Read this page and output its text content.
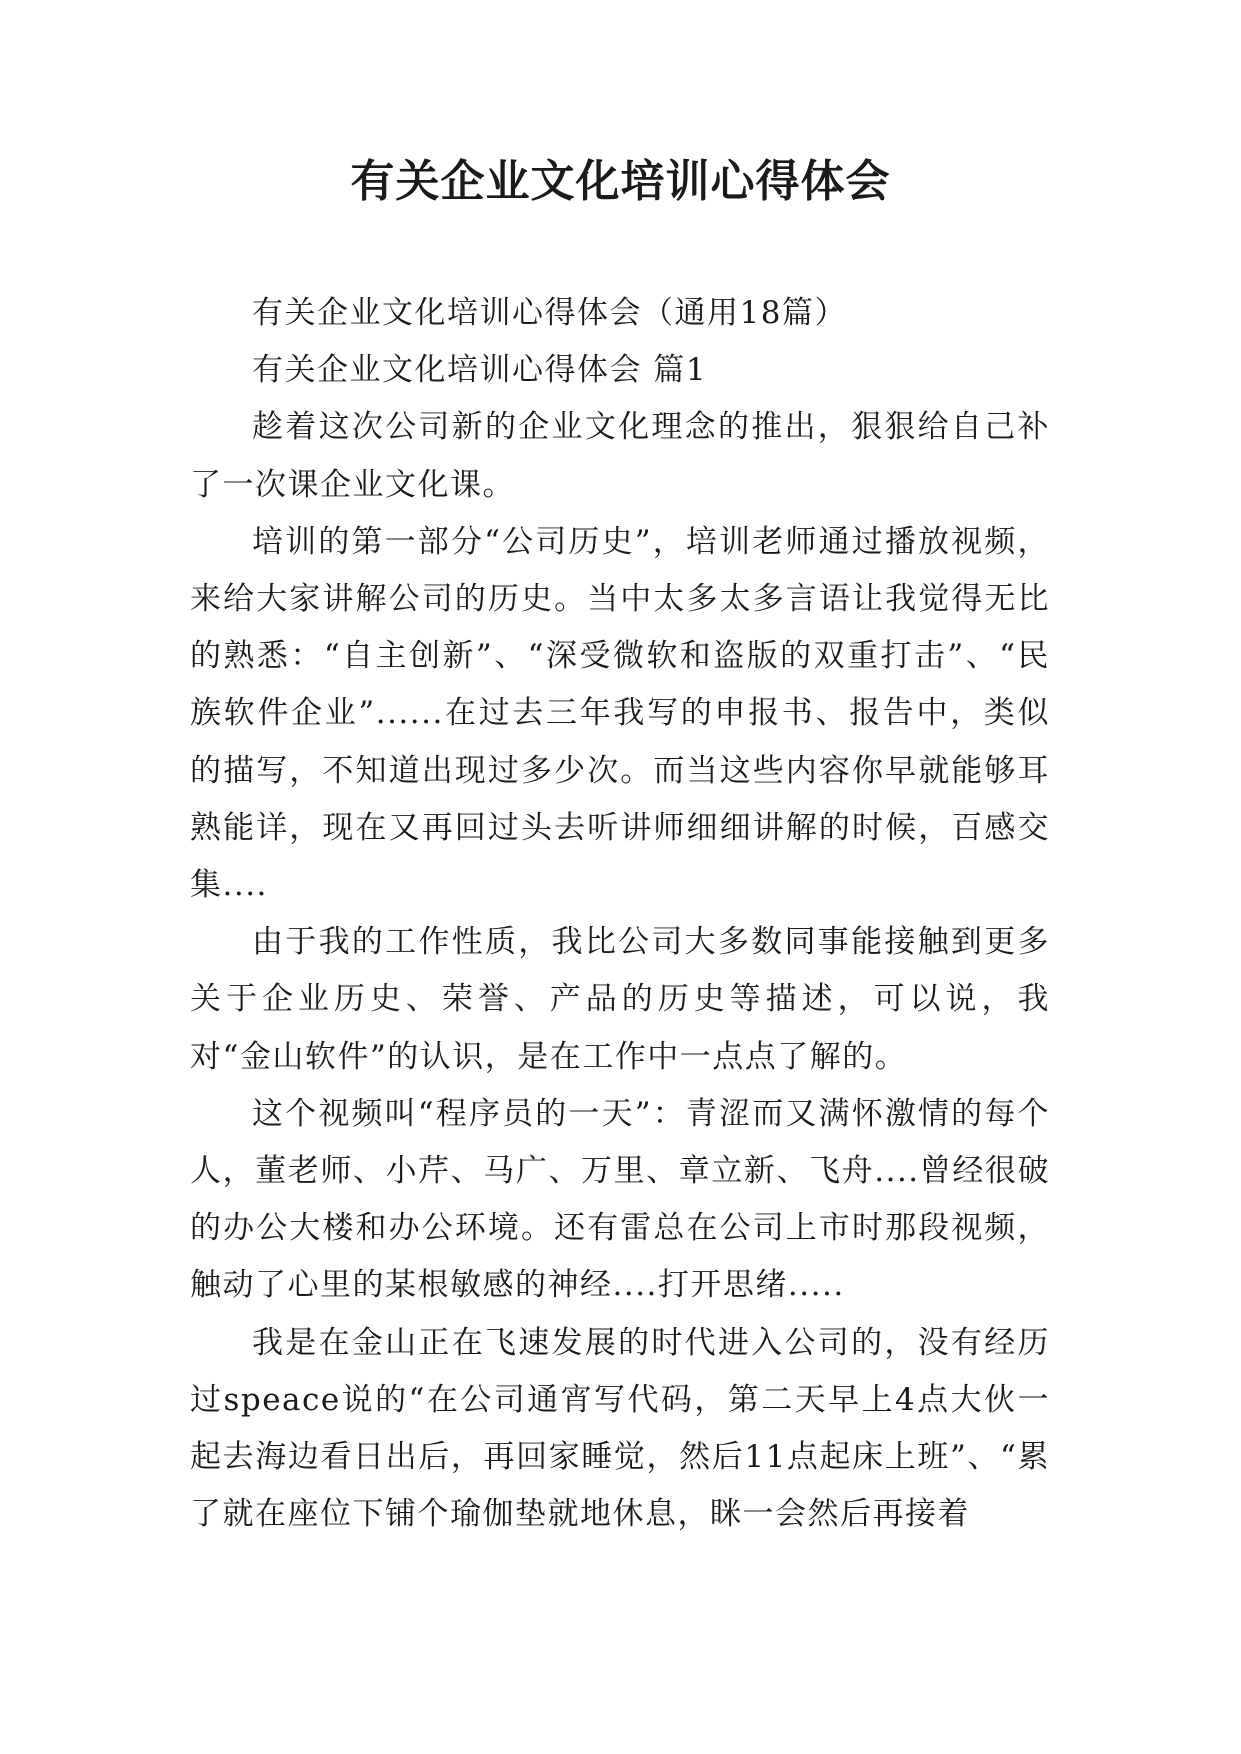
有关企业文化培训心得体会

有关企业文化培训心得体会（通用18篇）

有关企业文化培训心得体会 篇1

趁着这次公司新的企业文化理念的推出，狠狠给自己补了一次课企业文化课。

培训的第一部分“公司历史”，培训老师通过播放视频，来给大家讲解公司的历史。当中太多太多言语让我觉得无比的熟悉：“自主创新”、“深受微软和盗版的双重打击”、“民族软件企业”......在过去三年我写的申报书、报告中，类似的描写，不知道出现过多少次。而当这些内容你早就能够耳熟能详，现在又再回过头去听讲师细细讲解的时候，百感交集....

由于我的工作性质，我比公司大多数同事能接触到更多关于企业历史、荣誉、产品的历史等描述，可以说，我对“金山软件”的认识，是在工作中一点点了解的。

这个视频叫“程序员的一天”：青涩而又满怀激情的每个人，董老师、小芹、马广、万里、章立新、飞舟....曾经很破的办公大楼和办公环境。还有雷总在公司上市时那段视频，触动了心里的某根敏感的神经....打开思绪.....

我是在金山正在飞速发展的时代进入公司的，没有经历过speace说的“在公司通宵写代码，第二天早上4点大伙一起去海边看日出后，再回家睡觉，然后11点起床上班”、“累了就在座位下铺个瑜伽垫就地休息，眯一会然后再接着
